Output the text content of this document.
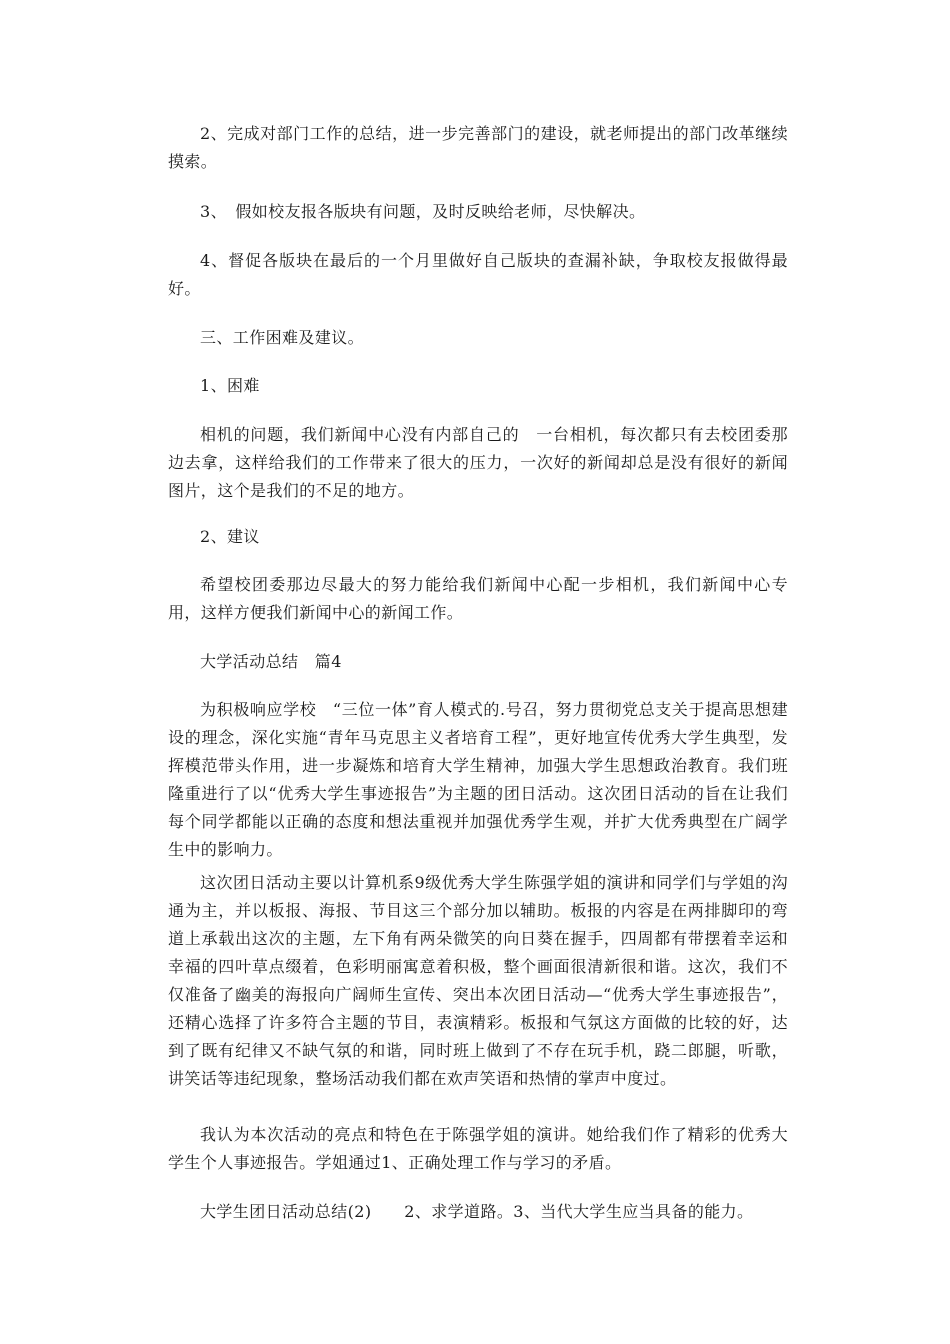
2、完成对部门工作的总结，进一步完善部门的建设，就老师提出的部门改革继续摸索。

3、　假如校友报各版块有问题，及时反映给老师，尽快解决。

4、督促各版块在最后的一个月里做好自己版块的查漏补缺，争取校友报做得最好。

三、工作困难及建议。

1、困难

相机的问题，我们新闻中心没有内部自己的　一台相机，每次都只有去校团委那边去拿，这样给我们的工作带来了很大的压力，一次好的新闻却总是没有很好的新闻图片，这个是我们的不足的地方。

2、建议

希望校团委那边尽最大的努力能给我们新闻中心配一步相机，我们新闻中心专用，这样方便我们新闻中心的新闻工作。

大学活动总结　篇4

为积极响应学校　“三位一体”育人模式的.号召，努力贯彻党总支关于提高思想建设的理念，深化实施“青年马克思主义者培育工程”，更好地宣传优秀大学生典型，发挥模范带头作用，进一步凝炼和培育大学生精神，加强大学生思想政治教育。我们班隆重进行了以“优秀大学生事迹报告”为主题的团日活动。这次团日活动的旨在让我们每个同学都能以正确的态度和想法重视并加强优秀学生观，并扩大优秀典型在广阔学生中的影响力。

这次团日活动主要以计算机系9级优秀大学生陈强学姐的演讲和同学们与学姐的沟通为主，并以板报、海报、节目这三个部分加以辅助。板报的内容是在两排脚印的弯道上承载出这次的主题，左下角有两朵微笑的向日葵在握手，四周都有带摆着幸运和幸福的四叶草点缀着，色彩明丽寓意着积极，整个画面很清新很和谐。这次，我们不仅准备了幽美的海报向广阔师生宣传、突出本次团日活动—“优秀大学生事迹报告”，还精心选择了许多符合主题的节目，表演精彩。板报和气氛这方面做的比较的好，达到了既有纪律又不缺气氛的和谐，同时班上做到了不存在玩手机，跷二郎腿，听歌，讲笑话等违纪现象，整场活动我们都在欢声笑语和热情的掌声中度过。

我认为本次活动的亮点和特色在于陈强学姐的演讲。她给我们作了精彩的优秀大学生个人事迹报告。学姐通过1、正确处理工作与学习的矛盾。

大学生团日活动总结(2)　　2、求学道路。3、当代大学生应当具备的能力。
